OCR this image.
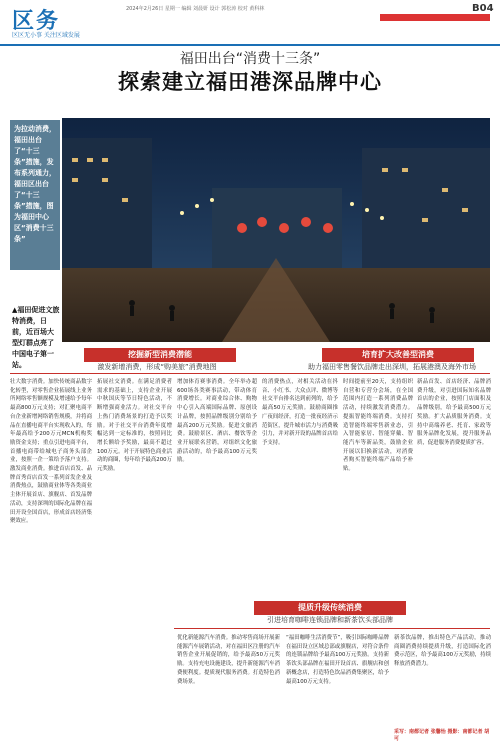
区务
区区无小事 关注区域发展
2024年2月26日 星期一 编辑 刘晨妍 设计 郭松涛 校对 黄科林	B04
福田出台“消费十三条”
探索建立福田港深品牌中心
为拉动消费，福田出台了“十三条”措施，发布系列通力，福田区出台了“十三条”措施，图为福田中心区“消费十三条”
▲福田促进文旅特消费，日前，近百场大型灯群点亮了中国电子第一站。
挖掘新型消费潜能
激发新增消费，形成“购美旅”消费地图
培育扩大改善型消费
助力福田零售餐饮品牌走出深圳，拓展港澳及海外市场
壮大数字消费。加快传统商品数字化转型，对零售企业拓展线上业务所网络零售额规模及增速给予每年最高800万元支持；对汇聚电商平台企业新增网络销售规模，并将商品在直播电商平台实现收入的，每年最高给予200万元MCN机构奖励资金支持；重点引进电商平台，首播电商带给城电子商务头部企业，按照一企一策给予落户支持。激发商业消费。推进首店首发、品牌首秀首店首发一系列首发企业及消费热点，鼓励商业体等各类商业主体开展首店、旗舰店、首发品牌活动，支持深圳的国际化品牌在福田开设全国首店，形成首店经济集聚效应。
拓展社交消费。在满足消费者需求的基础上，支持企业开展中秋国庆等节日特色活动，不断增强商业活力。对社交平台上热门消费场景的打造予以奖励。对于社交平台消费年度增幅达到一定标准的，按照同比增长额给予奖励，最高不超过100万元。对于开展特色商业活动的商圈，每年给予最高200万元奖励。
增加体育赛事消费。全年举办超600场各类赛事活动，带动体育消费增长。对商业综合体、购物中心引入高端国际品牌、原创设计品牌，按照品牌级别分别给予最高200万元奖励。促进文旅消费。鼓励景区、酒店、餐饮等企业开展联名营销，对组织文化旅游活动的，给予最高100万元奖励。
的消费热点，对相关活动在抖音、小红书、大众点评、微博等社交平台排名达到前列的，给予最高50万元奖励。鼓励商圈推广夜间经济，打造一批夜经济示范街区，提升城市活力与消费吸引力，并对新开设的品牌首店给予支持。
时间提前至20天，支持组织自营和专营分会场，在全国范围内打造一系列消费品牌活动，持续激发消费潜力。提振智能终端消费。支持打造智能终端零售新业态，引入智能家居、智能穿戴、智能汽车等新品类，鼓励企业开展以旧换新活动，对消费者购买智能终端产品给予补贴。
新品首发、首店经济、品牌消费升级，对引进国际知名品牌首店的企业，按照门店面积及品牌级别，给予最高500万元奖励。扩大品质服务消费。支持中高端养老、托育、家政等服务品牌化发展，提升服务品质，促进服务消费提质扩容。
提质升级传统消费
引进培育咖啡连锁品牌和新茶饮头部品牌
优化新能源汽车消费。推动零售商场开展新能源汽车展销活动，对在福田区注册的汽车销售企业开展促销的，给予最高50万元奖励。支持充电设施建设，提升新能源汽车消费便利度。提质现代服务消费。打造特色消费场景。
“福田咖啡生活消费节”，吸引国际咖啡品牌在福田设立区域总部或旗舰店，对符合条件的连锁品牌给予最高100万元奖励。支持新茶饮头部品牌在福田开设首店、旗舰店和创新概念店，打造特色饮品消费集聚区，给予最高100万元支持。
新茶饮品牌，推出特色产品活动，推动商圈消费持续提质升级，打造国际化消费示范区，给予最高100万元奖励，持续释放消费潜力。
采写：南都记者 张馨怡 摄影：南都记者 胡可
